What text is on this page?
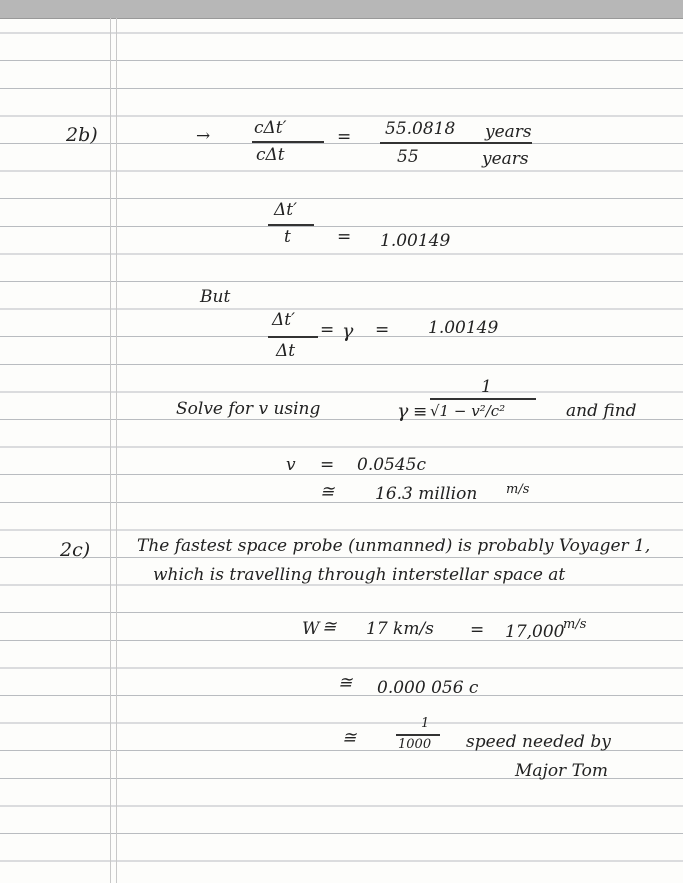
2b)	→	cΔt′
cΔt
= 55.0818 years
55	years
Δt′
t	= 1.00149
But
Δt′
Δt
= γ = 1.00149
Solve for v using	γ ≡
1
√1 − v²/c²	and find
v = 0.0545c
≅ 16.3 million m/s
2c)	The fastest space probe (unmanned) is probably Voyager 1,
which is travelling through interstellar space at
W ≅ 17 km/s = 17,000
m/s
≅ 0.000 056 c
≅
1
1000 speed needed by
Major Tom
